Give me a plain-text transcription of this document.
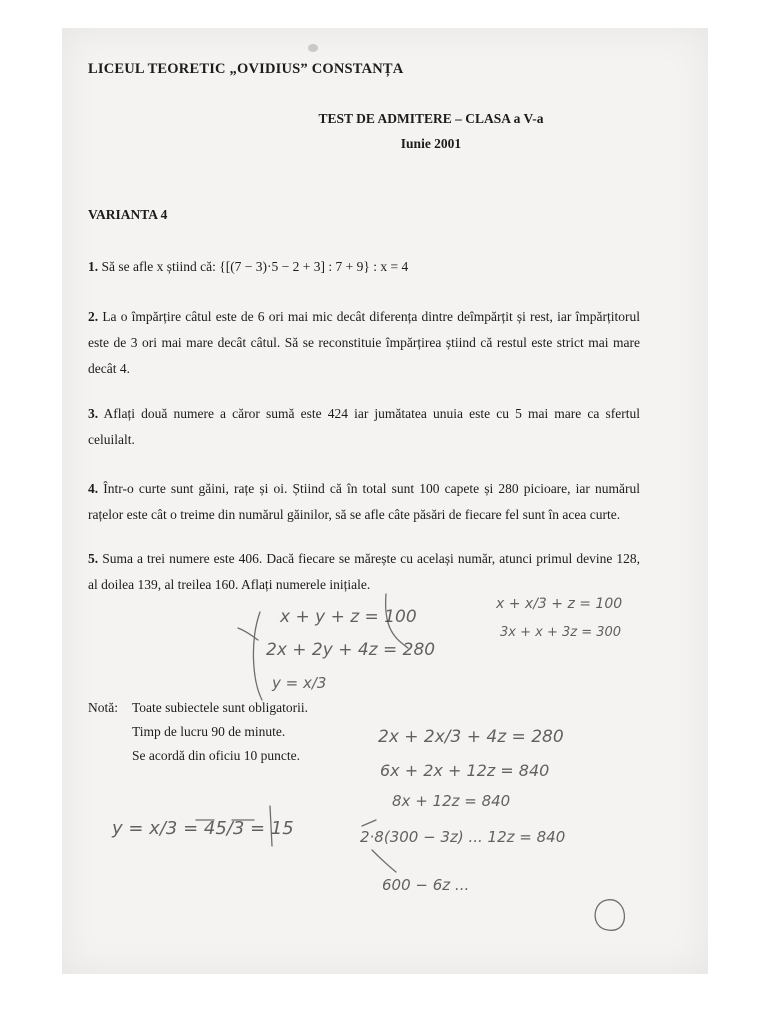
LICEUL TEORETIC „OVIDIUS” CONSTANȚA
TEST DE ADMITERE – CLASA a V-a
Iunie 2001
VARIANTA 4
1. Să se afle x știind că: {[(7 − 3)·5 − 2 + 3] : 7 + 9} : x = 4
2. La o împărțire câtul este de 6 ori mai mic decât diferența dintre deîmpărțit și rest, iar împărțitorul este de 3 ori mai mare decât câtul. Să se reconstituie împărțirea știind că restul este strict mai mare decât 4.
3. Aflați două numere a căror sumă este 424 iar jumătatea unuia este cu 5 mai mare ca sfertul celuilalt.
4. Într-o curte sunt găini, rațe și oi. Știind că în total sunt 100 capete și 280 picioare, iar numărul rațelor este cât o treime din numărul găinilor, să se afle câte păsări de fiecare fel sunt în acea curte.
5. Suma a trei numere este 406. Dacă fiecare se mărește cu același număr, atunci primul devine 128, al doilea 139, al treilea 160. Aflați numerele inițiale.
Notă: Toate subiectele sunt obligatorii.
Timp de lucru 90 de minute.
Se acordă din oficiu 10 puncte.
x + y + z = 100
2x + 2y + 4z = 280
y = x/3
x + x/3 + z = 100
3x + x + 3z = 300
2x + 2x/3 + 4z = 280
6x + 2x + 12z = 840
8x + 12z = 840
2·8(300 − 3z) ... 12z = 840
600 − 6z ...
y = x/3 = 45/3 = 15
